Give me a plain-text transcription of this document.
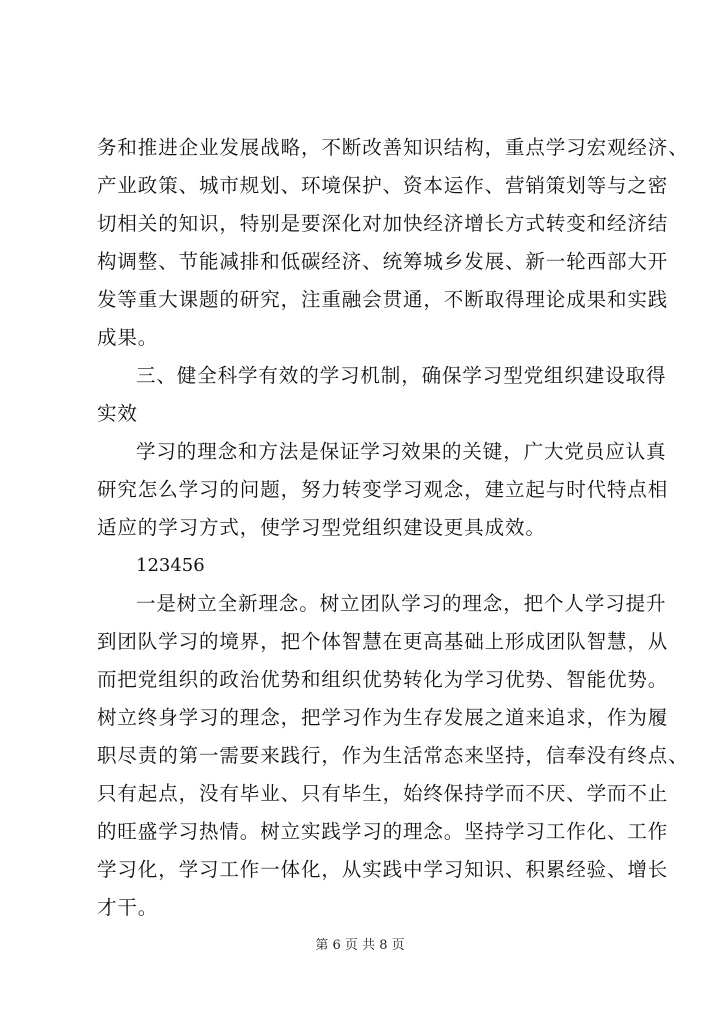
务和推进企业发展战略，不断改善知识结构，重点学习宏观经济、
产业政策、城市规划、环境保护、资本运作、营销策划等与之密
切相关的知识，特别是要深化对加快经济增长方式转变和经济结
构调整、节能减排和低碳经济、统筹城乡发展、新一轮西部大开
发等重大课题的研究，注重融会贯通，不断取得理论成果和实践
成果。
三、健全科学有效的学习机制，确保学习型党组织建设取得
实效
学习的理念和方法是保证学习效果的关键，广大党员应认真
研究怎么学习的问题，努力转变学习观念，建立起与时代特点相
适应的学习方式，使学习型党组织建设更具成效。
123456
一是树立全新理念。树立团队学习的理念，把个人学习提升
到团队学习的境界，把个体智慧在更高基础上形成团队智慧，从
而把党组织的政治优势和组织优势转化为学习优势、智能优势。
树立终身学习的理念，把学习作为生存发展之道来追求，作为履
职尽责的第一需要来践行，作为生活常态来坚持，信奉没有终点、
只有起点，没有毕业、只有毕生，始终保持学而不厌、学而不止
的旺盛学习热情。树立实践学习的理念。坚持学习工作化、工作
学习化，学习工作一体化，从实践中学习知识、积累经验、增长
才干。
第 6 页 共 8 页
